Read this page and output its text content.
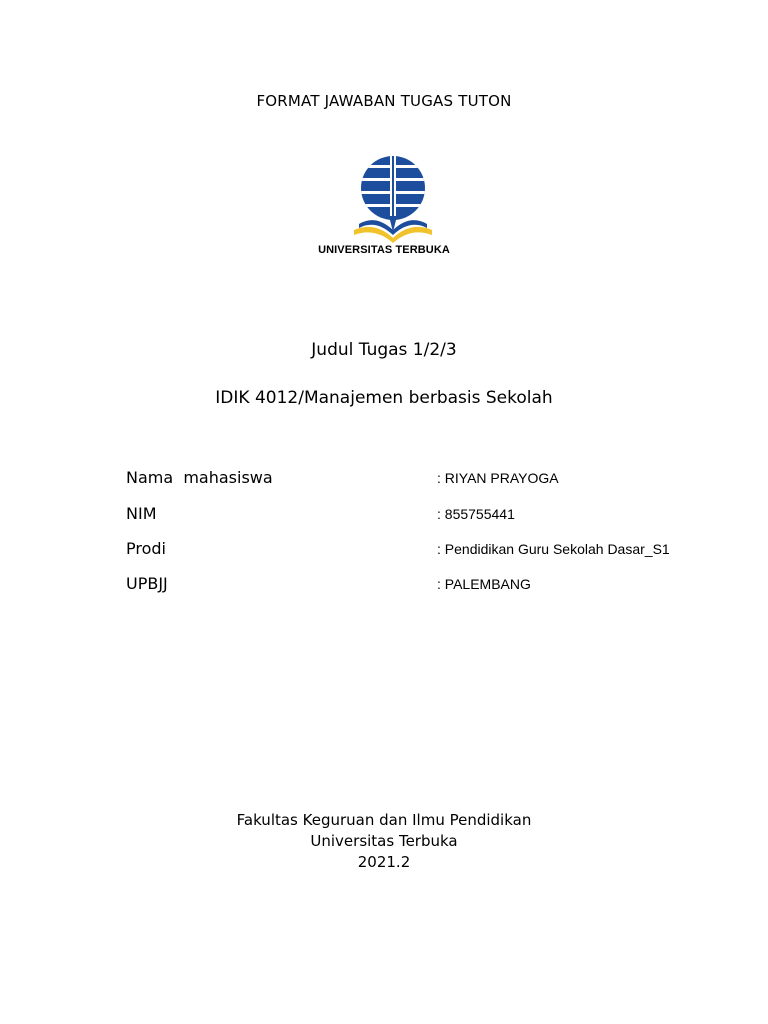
FORMAT JAWABAN TUGAS TUTON
UNIVERSITAS TERBUKA
Judul Tugas 1/2/3
IDIK 4012/Manajemen berbasis Sekolah
Nama  mahasiswa	: RIYAN PRAYOGA
NIM	: 855755441
Prodi	: Pendidikan Guru Sekolah Dasar_S1
UPBJJ	: PALEMBANG
Fakultas Keguruan dan Ilmu Pendidikan
Universitas Terbuka
2021.2
